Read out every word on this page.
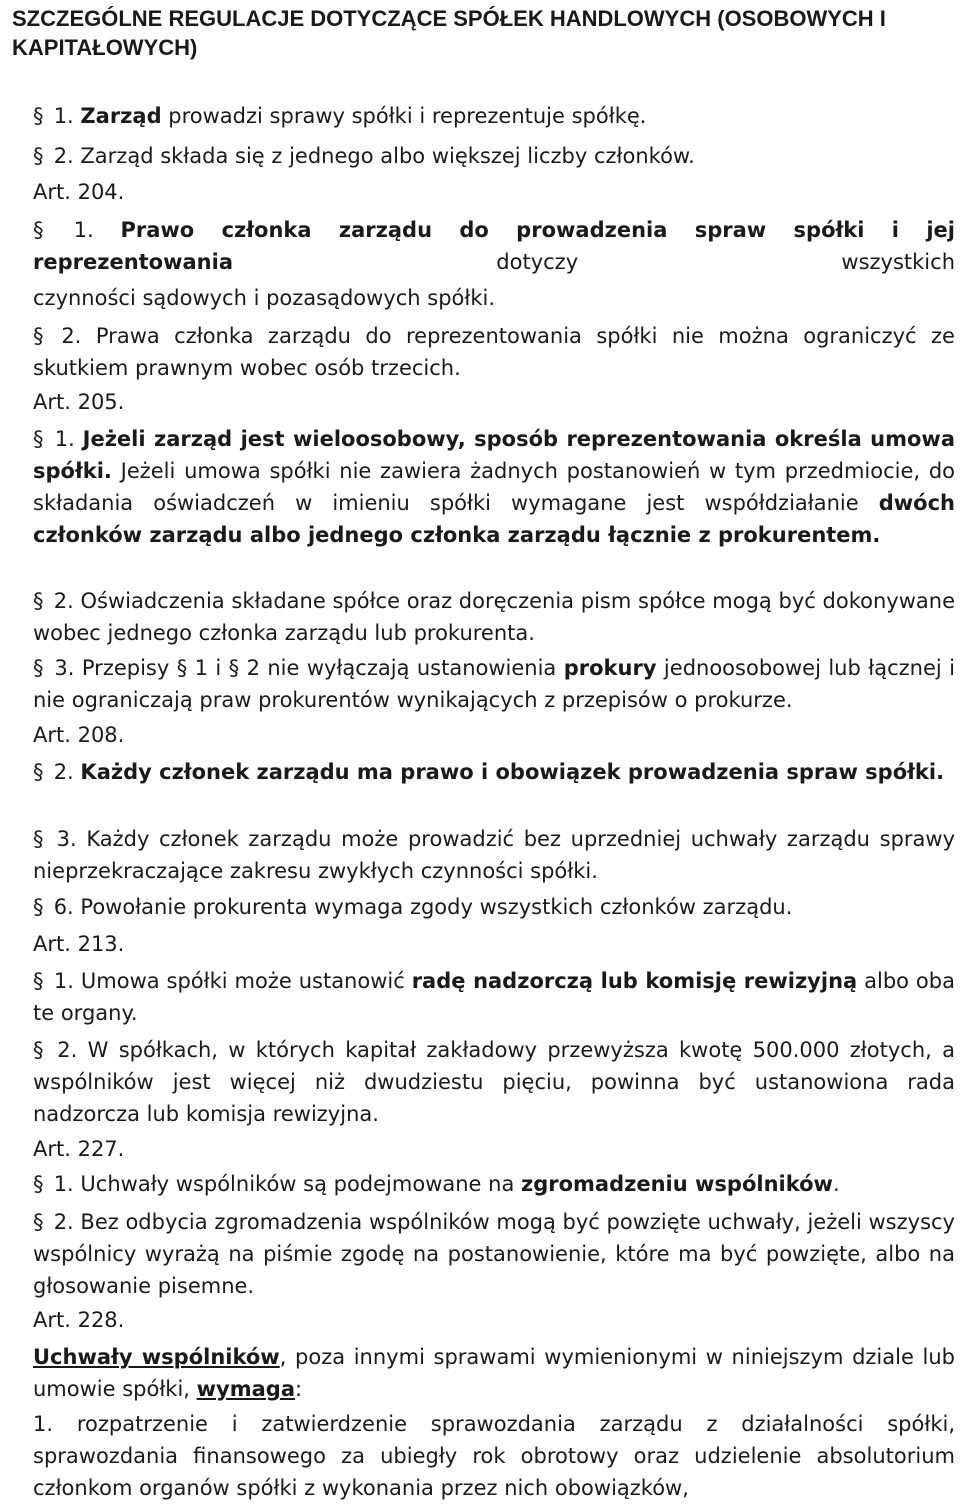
SZCZEGÓLNE REGULACJE DOTYCZĄCE SPÓŁEK HANDLOWYCH (OSOBOWYCH I KAPITAŁOWYCH)

§ 1. Zarząd prowadzi sprawy spółki i reprezentuje spółkę.

§ 2. Zarząd składa się z jednego albo większej liczby członków.

Art. 204.

§ 1. Prawo członka zarządu do prowadzenia spraw spółki i jej reprezentowania dotyczy wszystkich

czynności sądowych i pozasądowych spółki.

§ 2. Prawa członka zarządu do reprezentowania spółki nie można ograniczyć ze skutkiem prawnym wobec osób trzecich.

Art. 205.

§ 1. Jeżeli zarząd jest wieloosobowy, sposób reprezentowania określa umowa spółki. Jeżeli umowa spółki nie zawiera żadnych postanowień w tym przedmiocie, do składania oświadczeń w imieniu spółki wymagane jest współdziałanie dwóch członków zarządu albo jednego członka zarządu łącznie z prokurentem.

§ 2. Oświadczenia składane spółce oraz doręczenia pism spółce mogą być dokonywane wobec jednego członka zarządu lub prokurenta.

§ 3. Przepisy § 1 i § 2 nie wyłączają ustanowienia prokury jednoosobowej lub łącznej i nie ograniczają praw prokurentów wynikających z przepisów o prokurze.

Art. 208.

§ 2. Każdy członek zarządu ma prawo i obowiązek prowadzenia spraw spółki.

§ 3. Każdy członek zarządu może prowadzić bez uprzedniej uchwały zarządu sprawy nieprzekraczające zakresu zwykłych czynności spółki.

§ 6. Powołanie prokurenta wymaga zgody wszystkich członków zarządu.

Art. 213.

§ 1. Umowa spółki może ustanowić radę nadzorczą lub komisję rewizyjną albo oba te organy.

§ 2. W spółkach, w których kapitał zakładowy przewyższa kwotę 500.000 złotych, a wspólników jest więcej niż dwudziestu pięciu, powinna być ustanowiona rada nadzorcza lub komisja rewizyjna.

Art. 227.

§ 1. Uchwały wspólników są podejmowane na zgromadzeniu wspólników.

§ 2. Bez odbycia zgromadzenia wspólników mogą być powzięte uchwały, jeżeli wszyscy wspólnicy wyrażą na piśmie zgodę na postanowienie, które ma być powzięte, albo na głosowanie pisemne.

Art. 228.

Uchwały wspólników, poza innymi sprawami wymienionymi w niniejszym dziale lub umowie spółki, wymaga:

1. rozpatrzenie i zatwierdzenie sprawozdania zarządu z działalności spółki, sprawozdania finansowego za ubiegły rok obrotowy oraz udzielenie absolutorium członkom organów spółki z wykonania przez nich obowiązków,
